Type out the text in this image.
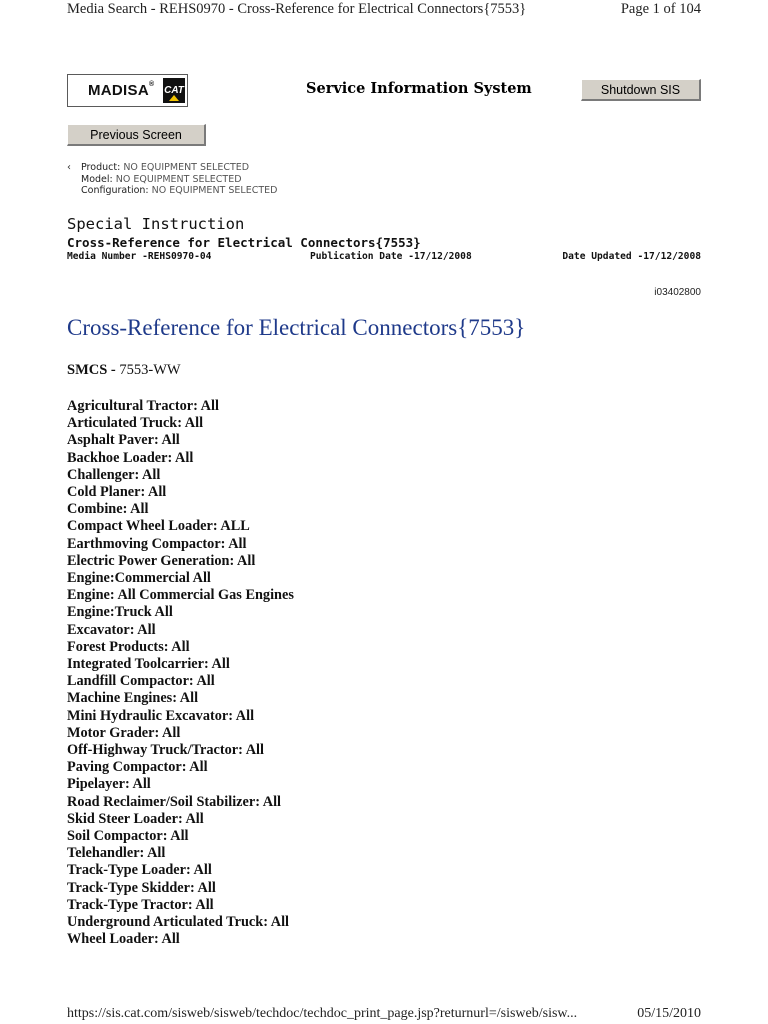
Media Search - REHS0970 - Cross-Reference for Electrical Connectors{7553}	Page 1 of 104
MADISA®
CAT	Service Information System	Shutdown SIS
Previous Screen
‹ Product: NO EQUIPMENT SELECTED
Model: NO EQUIPMENT SELECTED
Configuration: NO EQUIPMENT SELECTED
Special Instruction
Cross-Reference for Electrical Connectors{7553}
Media Number -REHS0970-04	Publication Date -17/12/2008	Date Updated -17/12/2008
i03402800
Cross-Reference for Electrical Connectors{7553}
SMCS - 7553-WW
Agricultural Tractor: All
Articulated Truck: All
Asphalt Paver: All
Backhoe Loader: All
Challenger: All
Cold Planer: All
Combine: All
Compact Wheel Loader: ALL
Earthmoving Compactor: All
Electric Power Generation: All
Engine:Commercial All
Engine: All Commercial Gas Engines
Engine:Truck All
Excavator: All
Forest Products: All
Integrated Toolcarrier: All
Landfill Compactor: All
Machine Engines: All
Mini Hydraulic Excavator: All
Motor Grader: All
Off-Highway Truck/Tractor: All
Paving Compactor: All
Pipelayer: All
Road Reclaimer/Soil Stabilizer: All
Skid Steer Loader: All
Soil Compactor: All
Telehandler: All
Track-Type Loader: All
Track-Type Skidder: All
Track-Type Tractor: All
Underground Articulated Truck: All
Wheel Loader: All
https://sis.cat.com/sisweb/sisweb/techdoc/techdoc_print_page.jsp?returnurl=/sisweb/sisw...	05/15/2010
